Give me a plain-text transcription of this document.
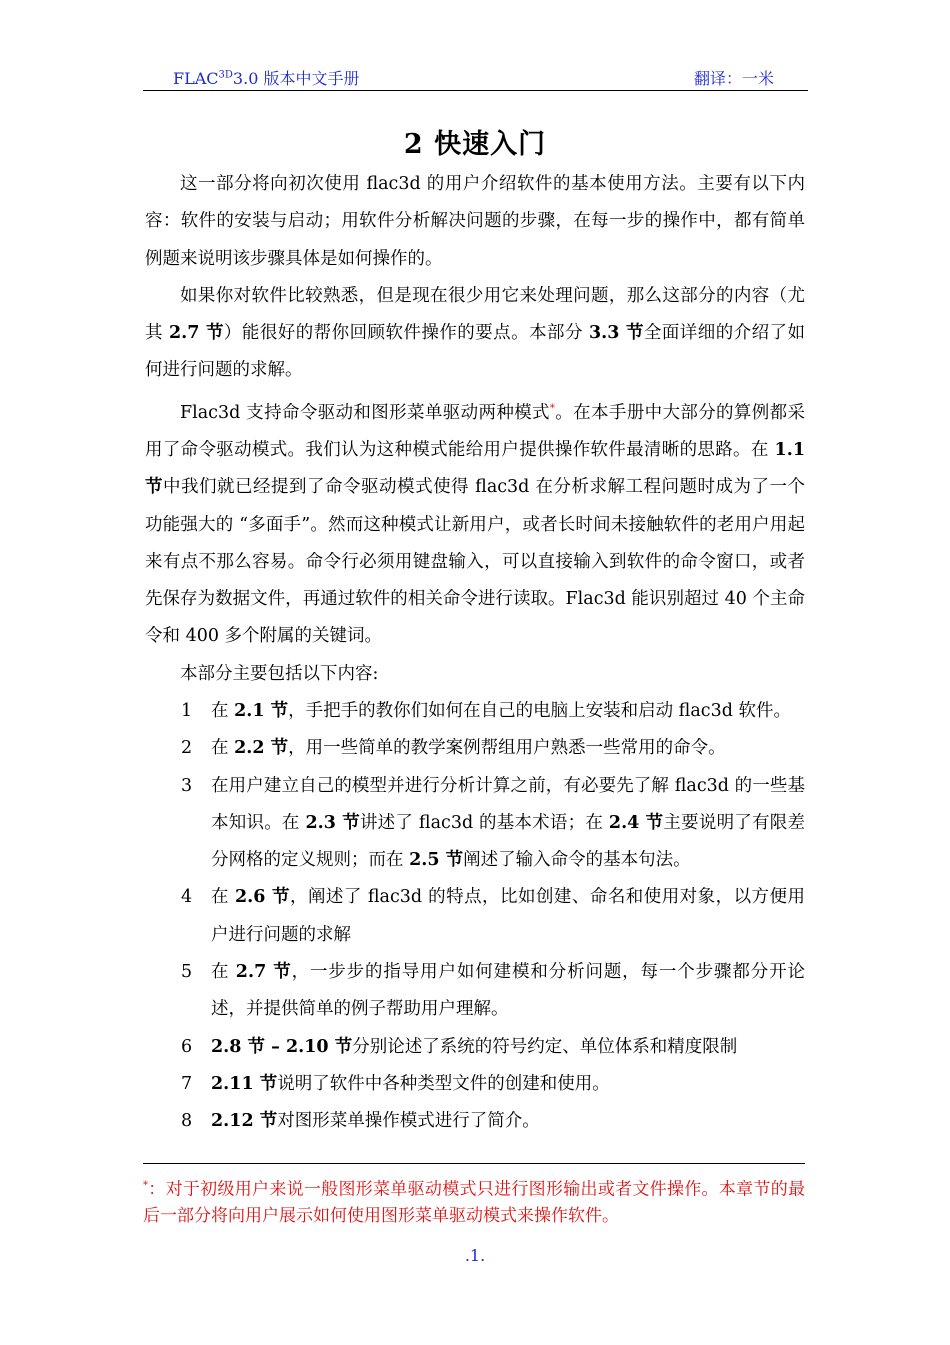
$FLAC^{3D}3.0$ 版本中文手册	翻译：一米
2 快速入门

这一部分将向初次使用 flac3d 的用户介绍软件的基本使用方法。主要有以下内容：软件的安装与启动；用软件分析解决问题的步骤，在每一步的操作中，都有简单例题来说明该步骤具体是如何操作的。

如果你对软件比较熟悉，但是现在很少用它来处理问题，那么这部分的内容（尤其 2.7 节）能很好的帮你回顾软件操作的要点。本部分 3.3 节全面详细的介绍了如何进行问题的求解。

Flac3d 支持命令驱动和图形菜单驱动两种模式*。在本手册中大部分的算例都采用了命令驱动模式。我们认为这种模式能给用户提供操作软件最清晰的思路。在 1.1 节中我们就已经提到了命令驱动模式使得 flac3d 在分析求解工程问题时成为了一个功能强大的 “多面手”。然而这种模式让新用户，或者长时间未接触软件的老用户用起来有点不那么容易。命令行必须用键盘输入，可以直接输入到软件的命令窗口，或者先保存为数据文件，再通过软件的相关命令进行读取。Flac3d 能识别超过 40 个主命令和 400 多个附属的关键词。

本部分主要包括以下内容:

1 在 2.1 节，手把手的教你们如何在自己的电脑上安装和启动 flac3d 软件。
2 在 2.2 节，用一些简单的教学案例帮组用户熟悉一些常用的命令。
3 在用户建立自己的模型并进行分析计算之前，有必要先了解 flac3d 的一些基本知识。在 2.3 节讲述了 flac3d 的基本术语；在 2.4 节主要说明了有限差分网格的定义规则；而在 2.5 节阐述了输入命令的基本句法。
4 在 2.6 节，阐述了 flac3d 的特点，比如创建、命名和使用对象，以方便用户进行问题的求解
5 在 2.7 节，一步步的指导用户如何建模和分析问题，每一个步骤都分开论述，并提供简单的例子帮助用户理解。
6 2.8 节 – 2.10 节分别论述了系统的符号约定、单位体系和精度限制
7 2.11 节说明了软件中各种类型文件的创建和使用。
8 2.12 节对图形菜单操作模式进行了简介。
*：对于初级用户来说一般图形菜单驱动模式只进行图形输出或者文件操作。本章节的最后一部分将向用户展示如何使用图形菜单驱动模式来操作软件。
.1.
